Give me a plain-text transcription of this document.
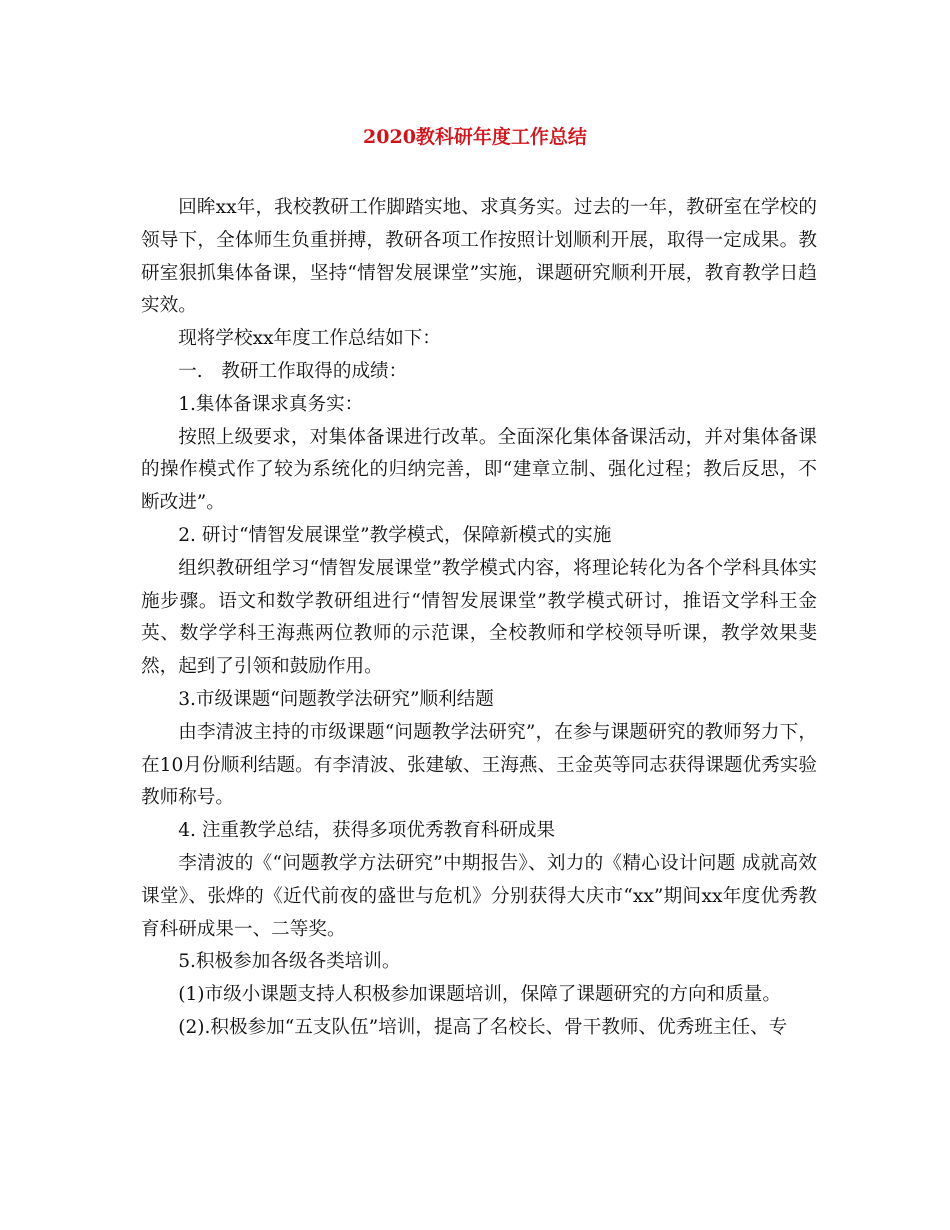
2020教科研年度工作总结

回眸xx年，我校教研工作脚踏实地、求真务实。过去的一年，教研室在学校的领导下，全体师生负重拼搏，教研各项工作按照计划顺利开展，取得一定成果。教研室狠抓集体备课，坚持“情智发展课堂”实施，课题研究顺利开展，教育教学日趋实效。

现将学校xx年度工作总结如下：

一.　教研工作取得的成绩：

1.集体备课求真务实：

按照上级要求，对集体备课进行改革。全面深化集体备课活动，并对集体备课的操作模式作了较为系统化的归纳完善，即“建章立制、强化过程；教后反思，不断改进”。

2. 研讨“情智发展课堂”教学模式，保障新模式的实施

组织教研组学习“情智发展课堂”教学模式内容，将理论转化为各个学科具体实施步骤。语文和数学教研组进行“情智发展课堂”教学模式研讨，推语文学科王金英、数学学科王海燕两位教师的示范课，全校教师和学校领导听课，教学效果斐然，起到了引领和鼓励作用。

3.市级课题“问题教学法研究”顺利结题

由李清波主持的市级课题“问题教学法研究”，在参与课题研究的教师努力下，在10月份顺利结题。有李清波、张建敏、王海燕、王金英等同志获得课题优秀实验教师称号。

4. 注重教学总结，获得多项优秀教育科研成果

李清波的《“问题教学方法研究”中期报告》、刘力的《精心设计问题 成就高效课堂》、张烨的《近代前夜的盛世与危机》分别获得大庆市“xx”期间xx年度优秀教育科研成果一、二等奖。

5.积极参加各级各类培训。

(1)市级小课题支持人积极参加课题培训，保障了课题研究的方向和质量。

(2).积极参加“五支队伍”培训，提高了名校长、骨干教师、优秀班主任、专
